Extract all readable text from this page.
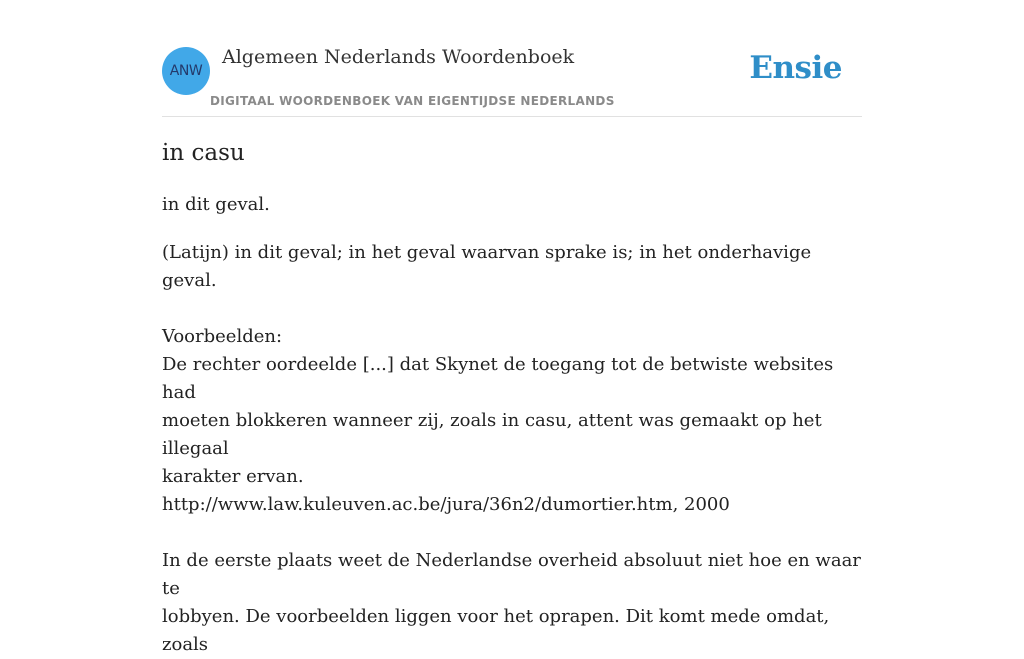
ANW
Algemeen Nederlands Woordenboek
DIGITAAL WOORDENBOEK VAN EIGENTIJDSE NEDERLANDS
Ensie
in casu
in dit geval.

(Latijn) in dit geval; in het geval waarvan sprake is; in het onderhavige geval.

Voorbeelden:

De rechter oordeelde [...] dat Skynet de toegang tot de betwiste websites had

moeten blokkeren wanneer zij, zoals in casu, attent was gemaakt op het illegaal

karakter ervan.

http://www.law.kuleuven.ac.be/jura/36n2/dumortier.htm, 2000

In de eerste plaats weet de Nederlandse overheid absoluut niet hoe en waar te

lobbyen. De voorbeelden liggen voor het oprapen. Dit komt mede omdat, zoals
